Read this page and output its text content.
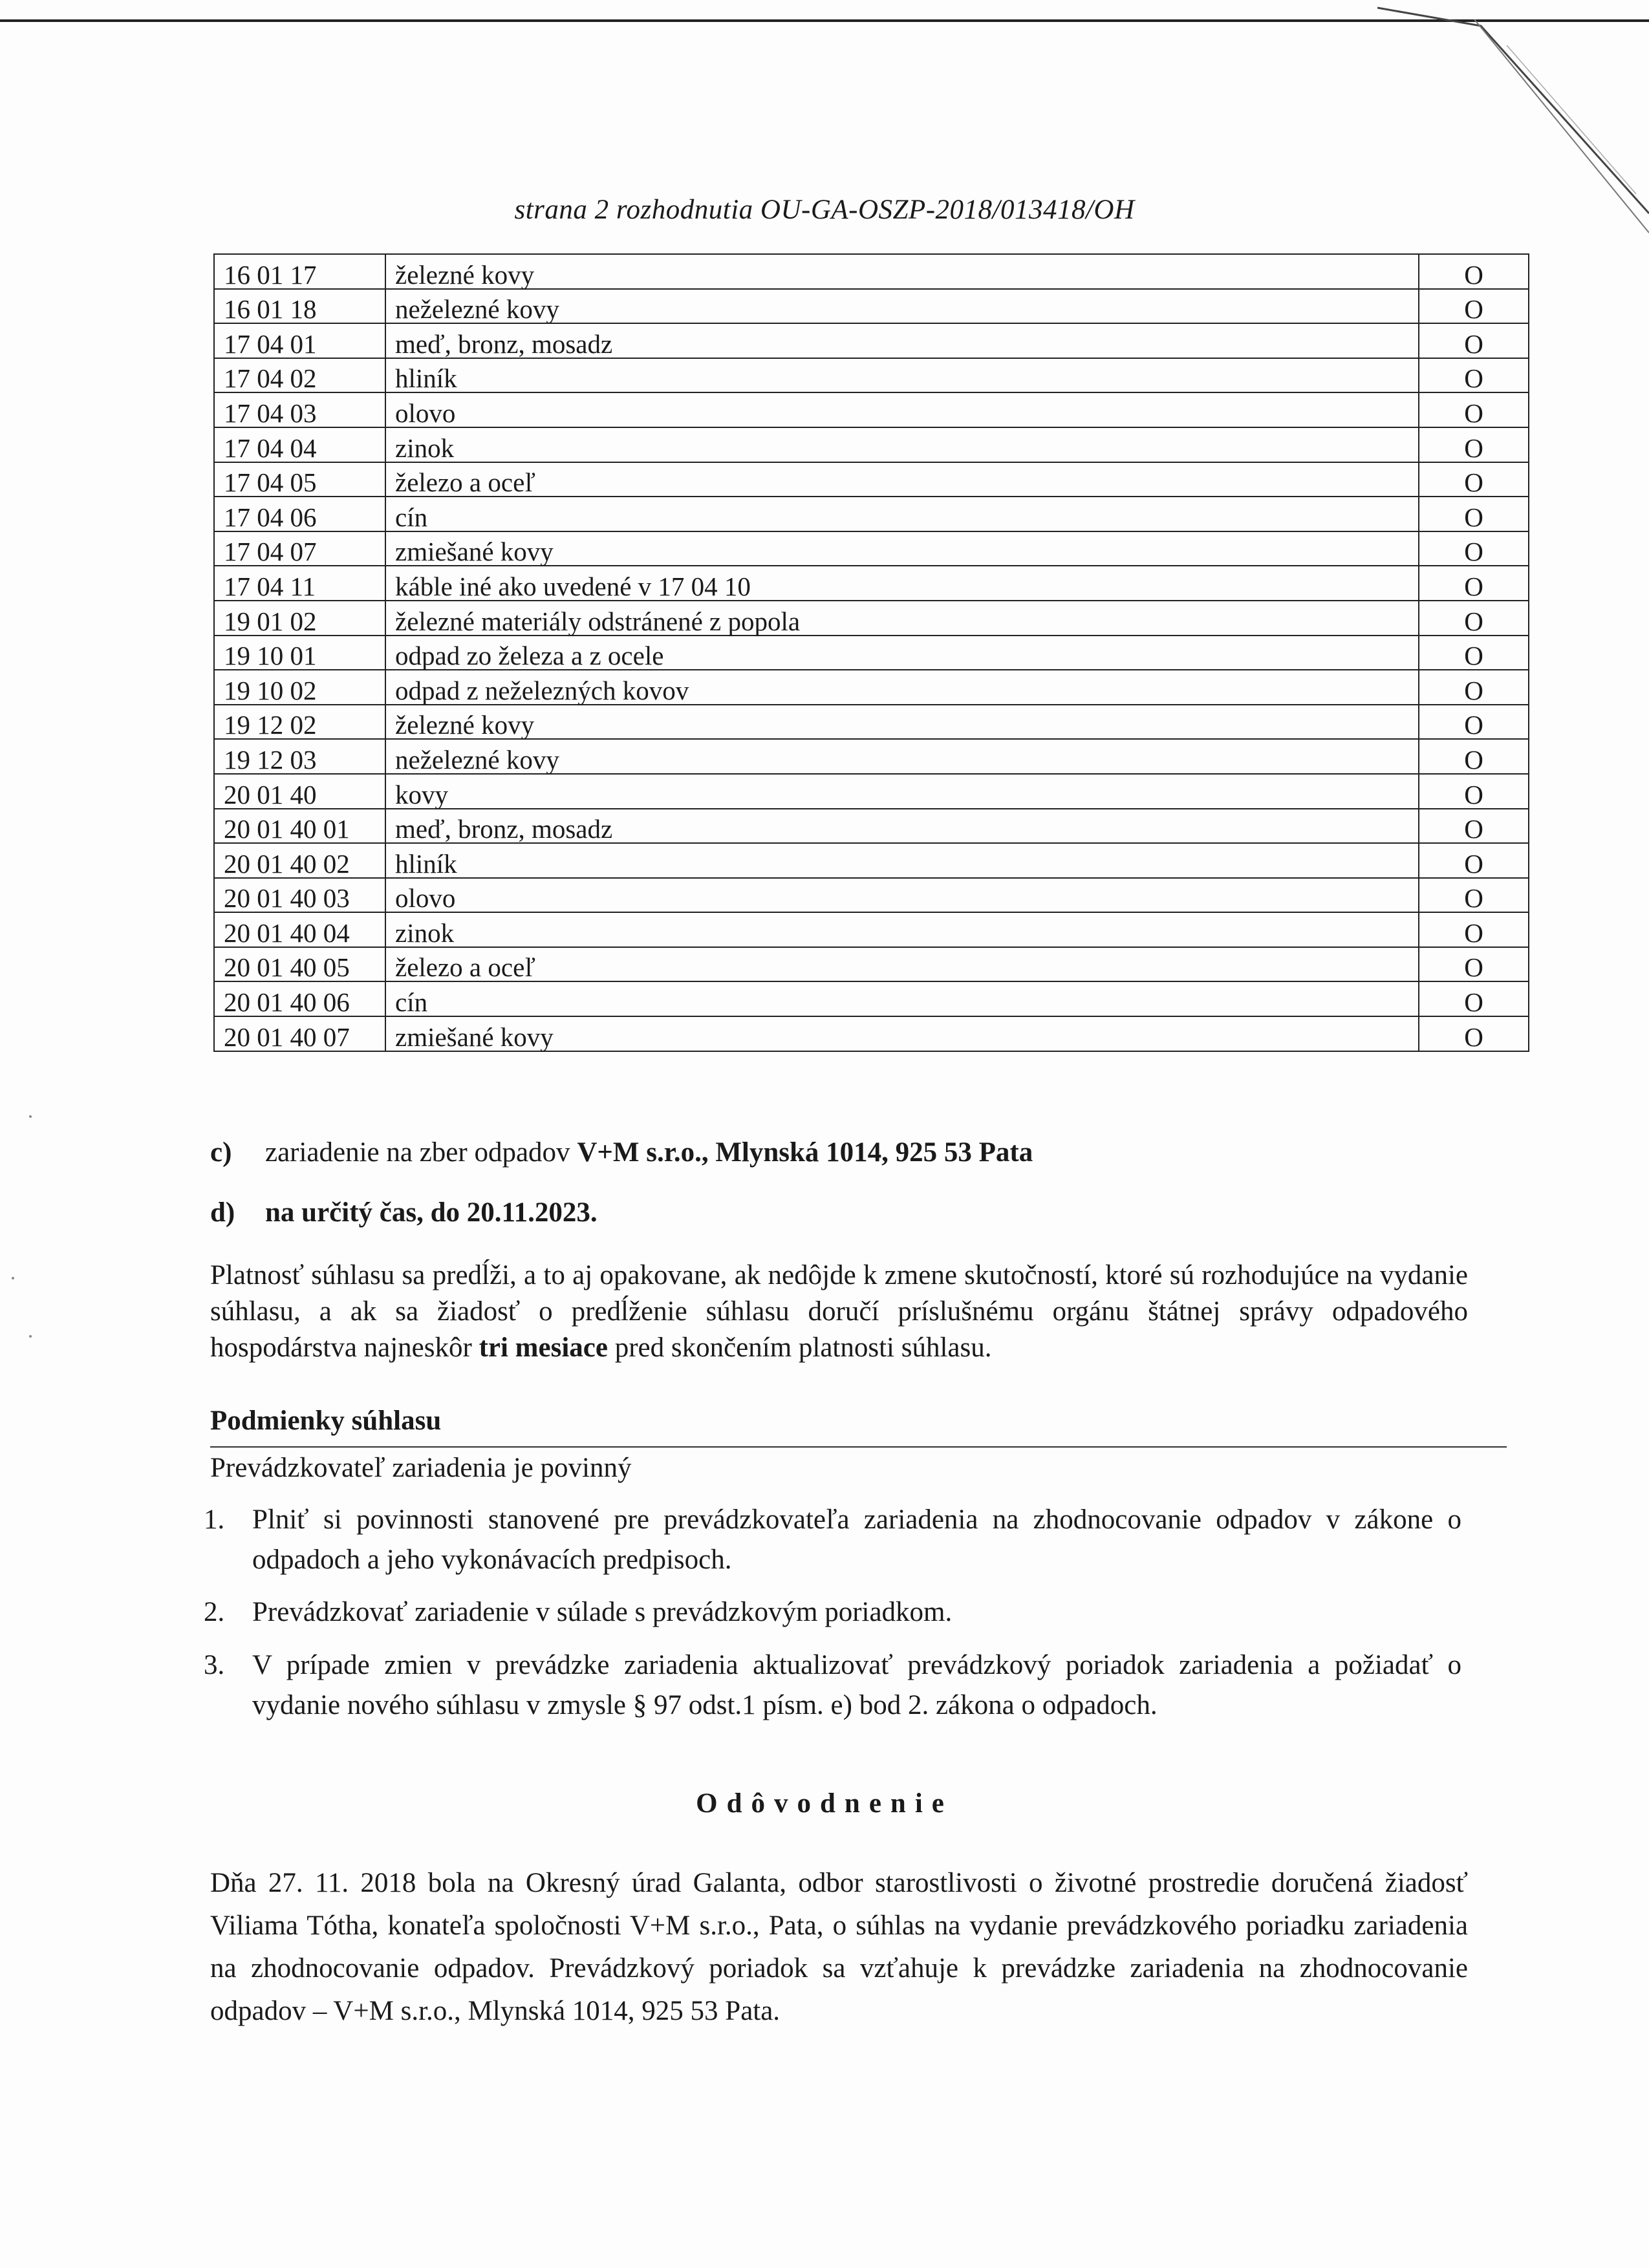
strana 2 rozhodnutia OU-GA-OSZP-2018/013418/OH
16 01 17	železné kovy	O
16 01 18	neželezné kovy	O
17 04 01	meď, bronz, mosadz	O
17 04 02	hliník	O
17 04 03	olovo	O
17 04 04	zinok	O
17 04 05	železo a oceľ	O
17 04 06	cín	O
17 04 07	zmiešané kovy	O
17 04 11	káble iné ako uvedené v 17 04 10	O
19 01 02	železné materiály odstránené z popola	O
19 10 01	odpad zo železa a z ocele	O
19 10 02	odpad z neželezných kovov	O
19 12 02	železné kovy	O
19 12 03	neželezné kovy	O
20 01 40	kovy	O
20 01 40 01	meď, bronz, mosadz	O
20 01 40 02	hliník	O
20 01 40 03	olovo	O
20 01 40 04	zinok	O
20 01 40 05	železo a oceľ	O
20 01 40 06	cín	O
20 01 40 07	zmiešané kovy	O
c) zariadenie na zber odpadov V+M s.r.o., Mlynská 1014, 925 53 Pata
d) na určitý čas, do 20.11.2023.
Platnosť súhlasu sa predĺži, a to aj opakovane, ak nedôjde k zmene skutočností, ktoré sú rozhodujúce na vydanie súhlasu, a ak sa žiadosť o predĺženie súhlasu doručí príslušnému orgánu štátnej správy odpadového hospodárstva najneskôr tri mesiace pred skončením platnosti súhlasu.
Podmienky súhlasu
Prevádzkovateľ zariadenia je povinný
1. Plniť si povinnosti stanovené pre prevádzkovateľa zariadenia na zhodnocovanie odpadov v zákone o odpadoch a jeho vykonávacích predpisoch.
2. Prevádzkovať zariadenie v súlade s prevádzkovým poriadkom.
3. V prípade zmien v prevádzke zariadenia aktualizovať prevádzkový poriadok zariadenia a požiadať o vydanie nového súhlasu v zmysle § 97 odst.1 písm. e) bod 2. zákona o odpadoch.
Odôvodnenie
Dňa 27. 11. 2018 bola na Okresný úrad Galanta, odbor starostlivosti o životné prostredie doručená žiadosť Viliama Tótha, konateľa spoločnosti V+M s.r.o., Pata, o súhlas na vydanie prevádzkového poriadku zariadenia na zhodnocovanie odpadov. Prevádzkový poriadok sa vzťahuje k prevádzke zariadenia na zhodnocovanie odpadov – V+M s.r.o., Mlynská 1014, 925 53 Pata.
